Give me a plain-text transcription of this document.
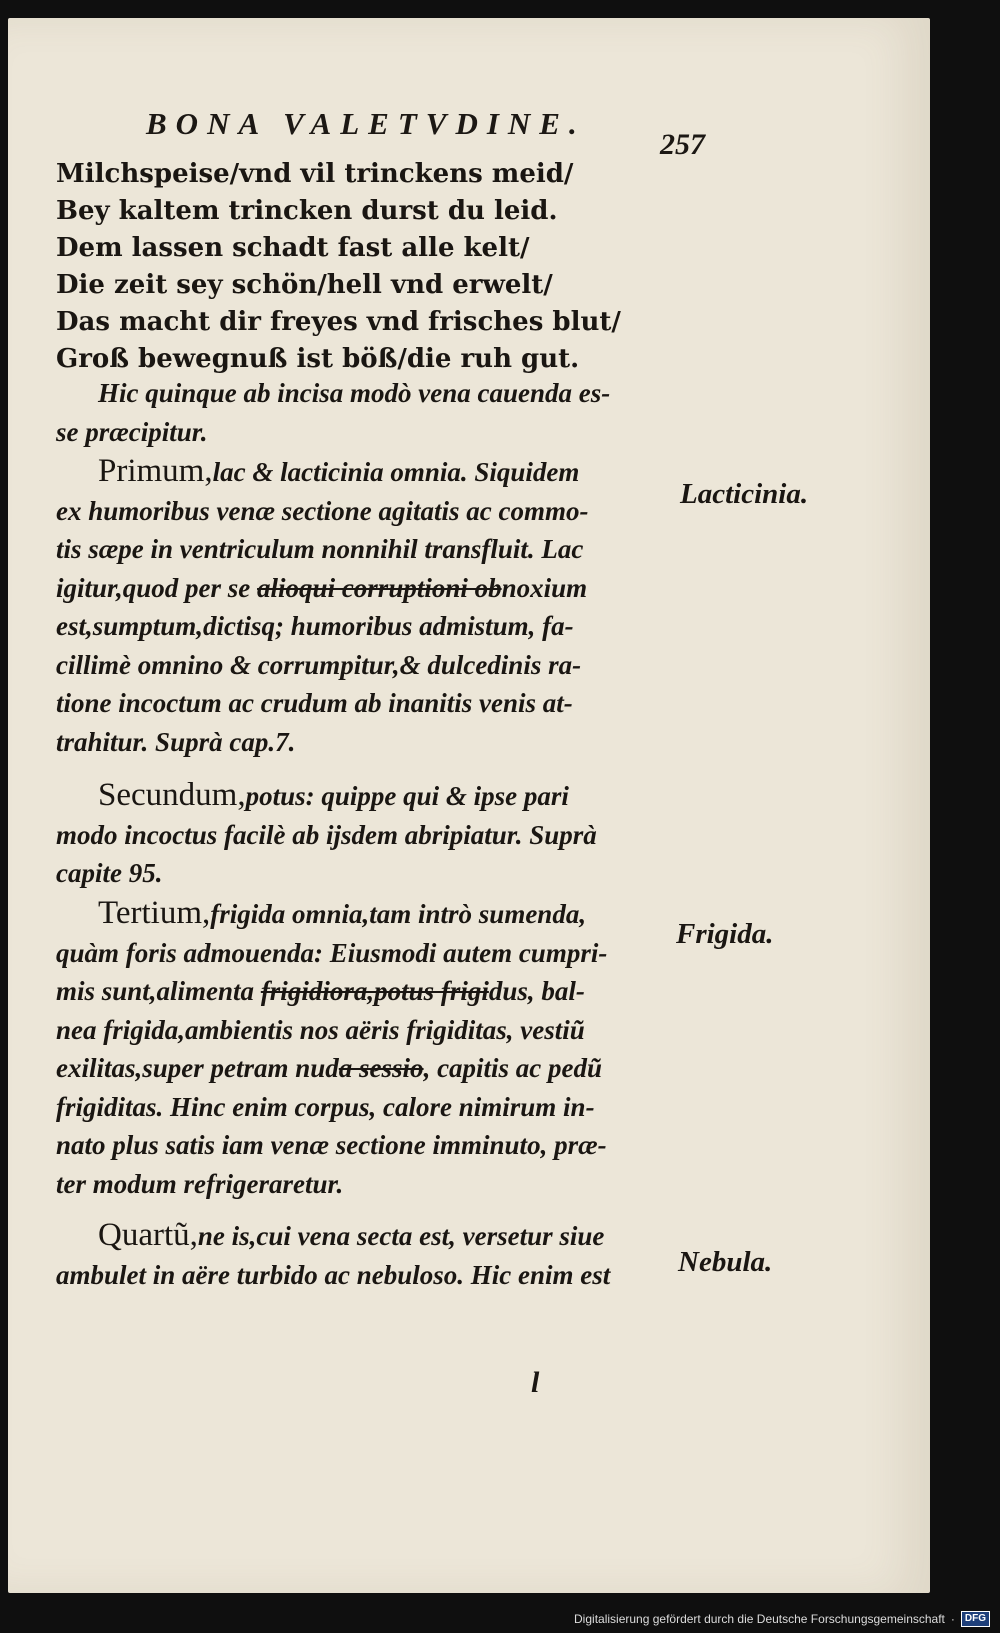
BONA VALETVDINE.
257
Milchspeise/vnd vil trinckens meid/
Bey kaltem trincken durst du leid.
Dem lassen schadt fast alle kelt/
Die zeit sey schön/hell vnd erwelt/
Das macht dir freyes vnd frisches blut/
Groß bewegnuß ist böß/die ruh gut.
Hic quinque ab incisa modò vena cauenda es-
se præcipitur.
Primum,lac & lacticinia omnia. Siquidem
ex humoribus venæ sectione agitatis ac commo-
tis sæpe in ventriculum nonnihil transfluit. Lac
igitur,quod per se alioqui corruptioni obnoxium
est,sumptum,dictisq; humoribus admistum, fa-
cillimè omnino & corrumpitur,& dulcedinis ra-
tione incoctum ac crudum ab inanitis venis at-
trahitur. Suprà cap.7.
Secundum,potus: quippe qui & ipse pari
modo incoctus facilè ab ijsdem abripiatur. Suprà
capite 95.
Tertium,frigida omnia,tam intrò sumenda,
quàm foris admouenda: Eiusmodi autem cumpri-
mis sunt,alimenta frigidiora,potus frigidus, bal-
nea frigida,ambientis nos aëris frigiditas, vestiũ
exilitas,super petram nuda sessio, capitis ac pedũ
frigiditas. Hinc enim corpus, calore nimirum in-
nato plus satis iam venæ sectione imminuto, præ-
ter modum refrigeraretur.
Quartũ,ne is,cui vena secta est, versetur siue
ambulet in aëre turbido ac nebuloso. Hic enim est
Lacticinia.
Frigida.
Nebula.
l
Digitalisierung gefördert durch die Deutsche Forschungsgemeinschaft ·	DFG
